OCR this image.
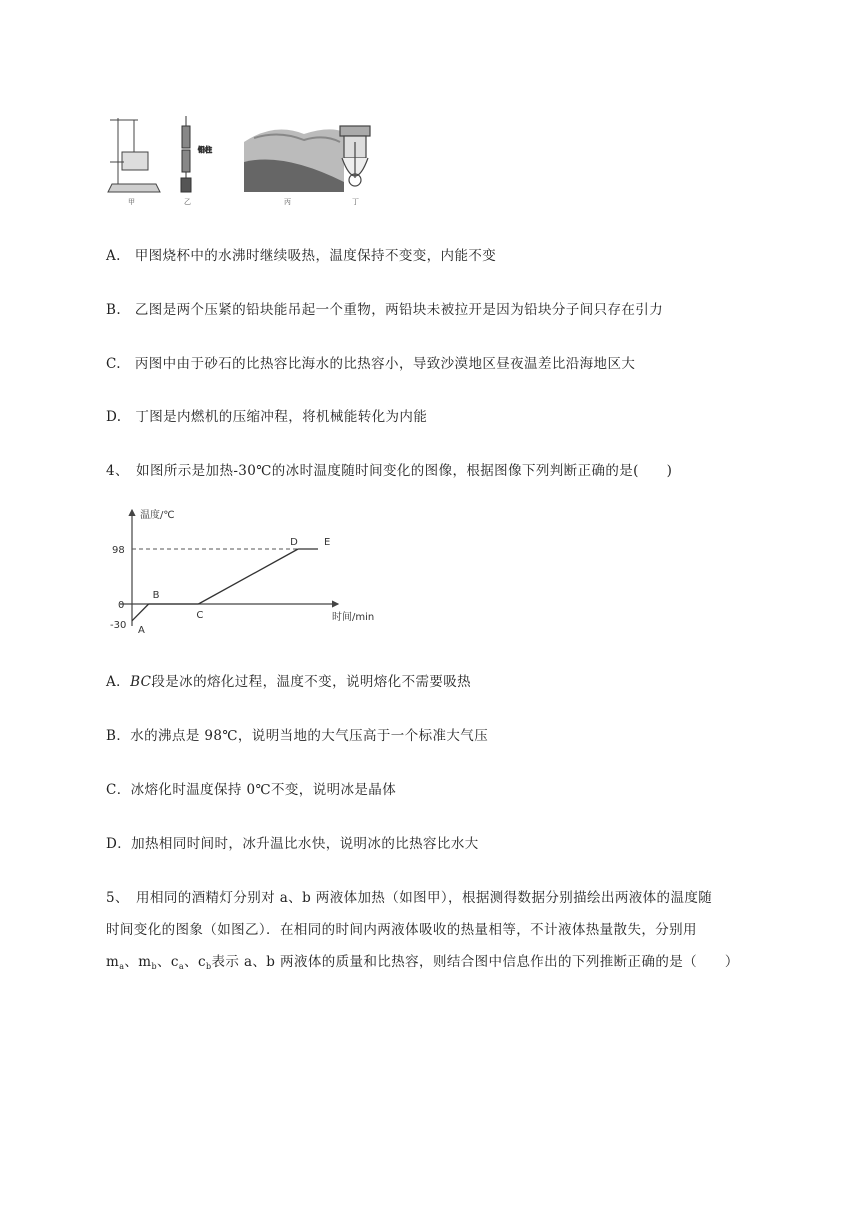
铅柱
甲	乙	丙	丁
A.　甲图烧杯中的水沸时继续吸热，温度保持不变变，内能不变
B.　乙图是两个压紧的铅块能吊起一个重物，两铅块未被拉开是因为铅块分子间只存在引力
C.　丙图中由于砂石的比热容比海水的比热容小，导致沙漠地区昼夜温差比沿海地区大
D.　丁图是内燃机的压缩冲程，将机械能转化为内能
4、　如图所示是加热-30℃的冰时温度随时间变化的图像，根据图像下列判断正确的是(　　)
温度/℃
时间/min
98
0
-30 A
B
C
D	E
A．BC段是冰的熔化过程，温度不变，说明熔化不需要吸热
B．水的沸点是 98℃，说明当地的大气压高于一个标准大气压
C．冰熔化时温度保持 0℃不变，说明冰是晶体
D．加热相同时间时，冰升温比水快，说明冰的比热容比水大
5、　用相同的酒精灯分别对 a、b 两液体加热（如图甲），根据测得数据分别描绘出两液体的温度随
时间变化的图象（如图乙）．在相同的时间内两液体吸收的热量相等，不计液体热量散失，分别用
$m_a$、$m_b$、$c_a$、$c_b$表示 a、b 两液体的质量和比热容，则结合图中信息作出的下列推断正确的是（　　）
